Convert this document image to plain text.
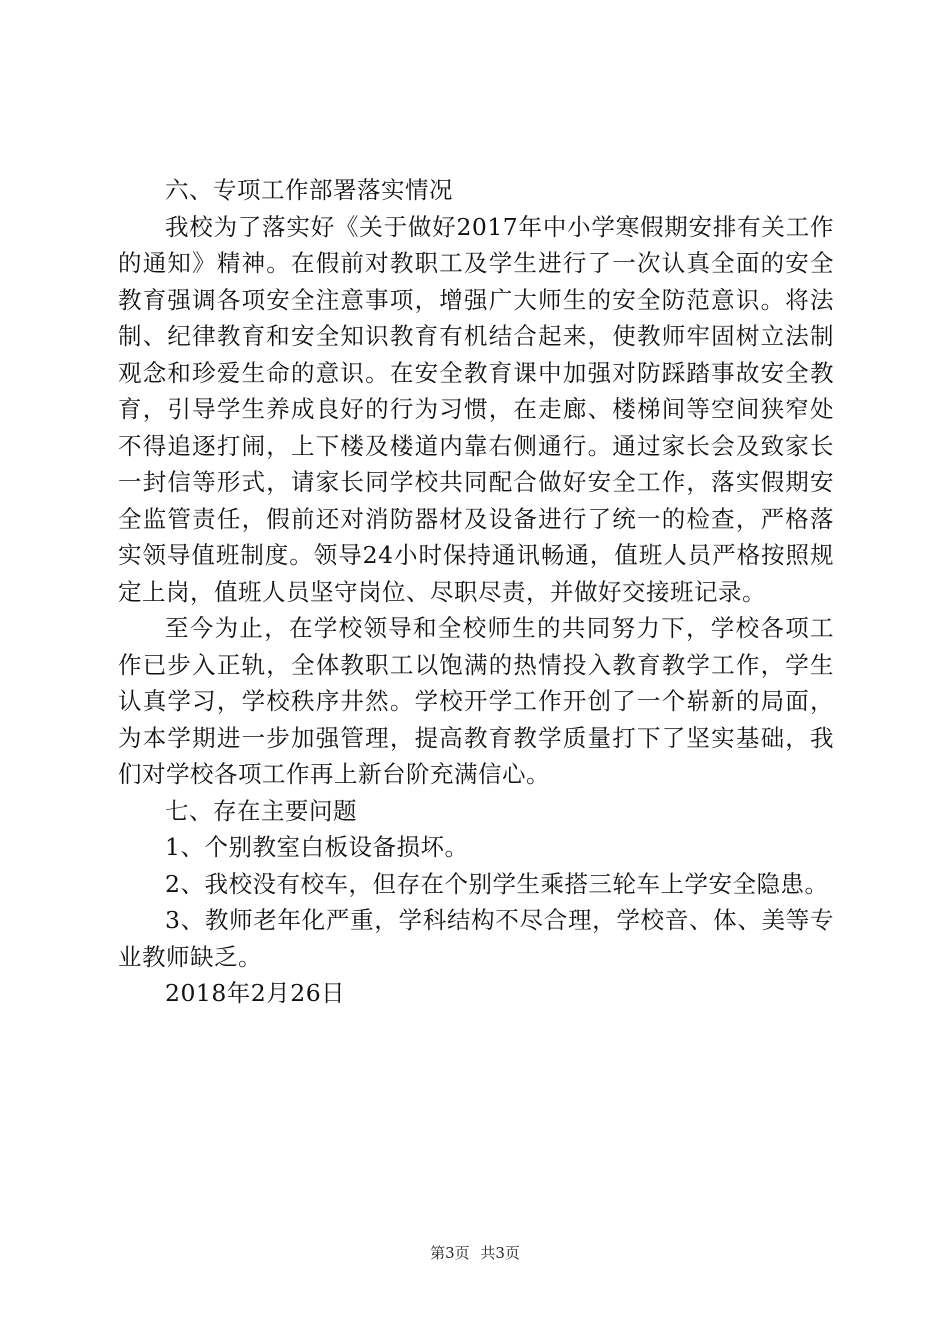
六、专项工作部署落实情况

我校为了落实好《关于做好2017年中小学寒假期安排有关工作的通知》精神。在假前对教职工及学生进行了一次认真全面的安全教育强调各项安全注意事项，增强广大师生的安全防范意识。将法制、纪律教育和安全知识教育有机结合起来，使教师牢固树立法制观念和珍爱生命的意识。在安全教育课中加强对防踩踏事故安全教育，引导学生养成良好的行为习惯，在走廊、楼梯间等空间狭窄处不得追逐打闹，上下楼及楼道内靠右侧通行。通过家长会及致家长一封信等形式，请家长同学校共同配合做好安全工作，落实假期安全监管责任，假前还对消防器材及设备进行了统一的检查，严格落实领导值班制度。领导24小时保持通讯畅通，值班人员严格按照规定上岗，值班人员坚守岗位、尽职尽责，并做好交接班记录。

至今为止，在学校领导和全校师生的共同努力下，学校各项工作已步入正轨，全体教职工以饱满的热情投入教育教学工作，学生认真学习，学校秩序井然。学校开学工作开创了一个崭新的局面，为本学期进一步加强管理，提高教育教学质量打下了坚实基础，我们对学校各项工作再上新台阶充满信心。

七、存在主要问题

1、个别教室白板设备损坏。

2、我校没有校车，但存在个别学生乘搭三轮车上学安全隐患。

3、教师老年化严重，学科结构不尽合理，学校音、体、美等专业教师缺乏。

2018年2月26日

第3页 共3页
